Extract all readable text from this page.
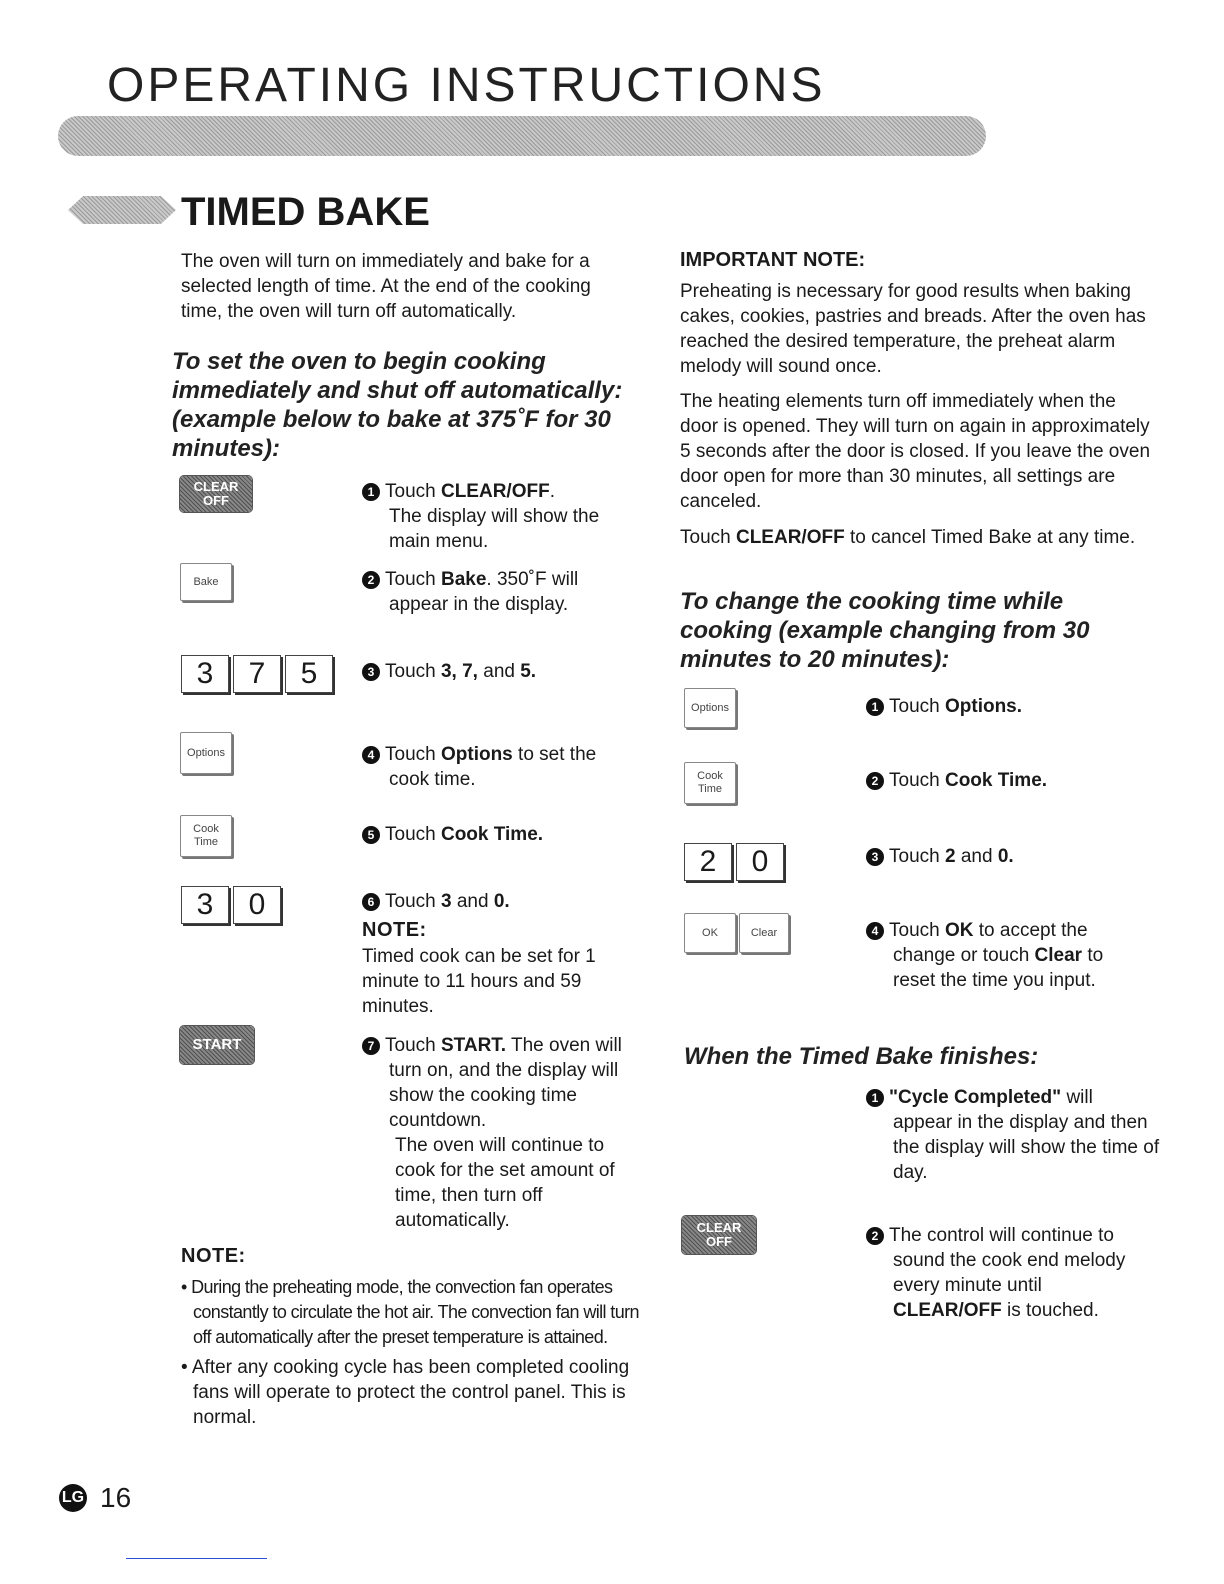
OPERATING INSTRUCTIONS
TIMED BAKE
The oven will turn on immediately and bake for a selected length of time. At the end of the cooking time, the oven will turn off automatically.
To set the oven to begin cooking immediately and shut off automatically: (example below to bake at 375˚F for 30 minutes):
CLEAR
OFF
Bake
3	7	5
Options
Cook
Time
3	0
START
1 Touch CLEAR/OFF.
The display will show the main menu.
2 Touch Bake. 350˚F will
appear in the display.
3 Touch 3, 7, and 5.
4 Touch Options to set the
cook time.
5 Touch Cook Time.
6 Touch 3 and 0.
NOTE:
Timed cook can be set for 1 minute to 11 hours and 59 minutes.
7 Touch START. The oven will
turn on, and the display will show the cooking time countdown.
The oven will continue to cook for the set amount of time, then turn off automatically.
NOTE:
• During the preheating mode, the convection fan operates constantly to circulate the hot air. The convection fan will turn off automatically after the preset temperature is attained.
• After any cooking cycle has been completed cooling fans will operate to protect the control panel. This is normal.
IMPORTANT NOTE:
Preheating is necessary for good results when baking cakes, cookies, pastries and breads. After the oven has reached the desired temperature, the preheat alarm melody will sound once.
The heating elements turn off immediately when the door is opened. They will turn on again in approximately 5 seconds after the door is closed. If you leave the oven door open for more than 30 minutes, all settings are canceled.
Touch CLEAR/OFF to cancel Timed Bake at any time.
To change the cooking time while cooking (example changing from 30 minutes to 20 minutes):
Options
Cook
Time
2	0
OK	Clear
1 Touch Options.
2 Touch Cook Time.
3 Touch 2 and 0.
4 Touch OK to accept the
change or touch Clear to reset the time you input.
When the Timed Bake finishes:
1 "Cycle Completed" will
appear in the display and then the display will show the time of day.
CLEAR
OFF	2 The control will continue to
sound the cook end melody every minute until CLEAR/OFF is touched.
LG 16
